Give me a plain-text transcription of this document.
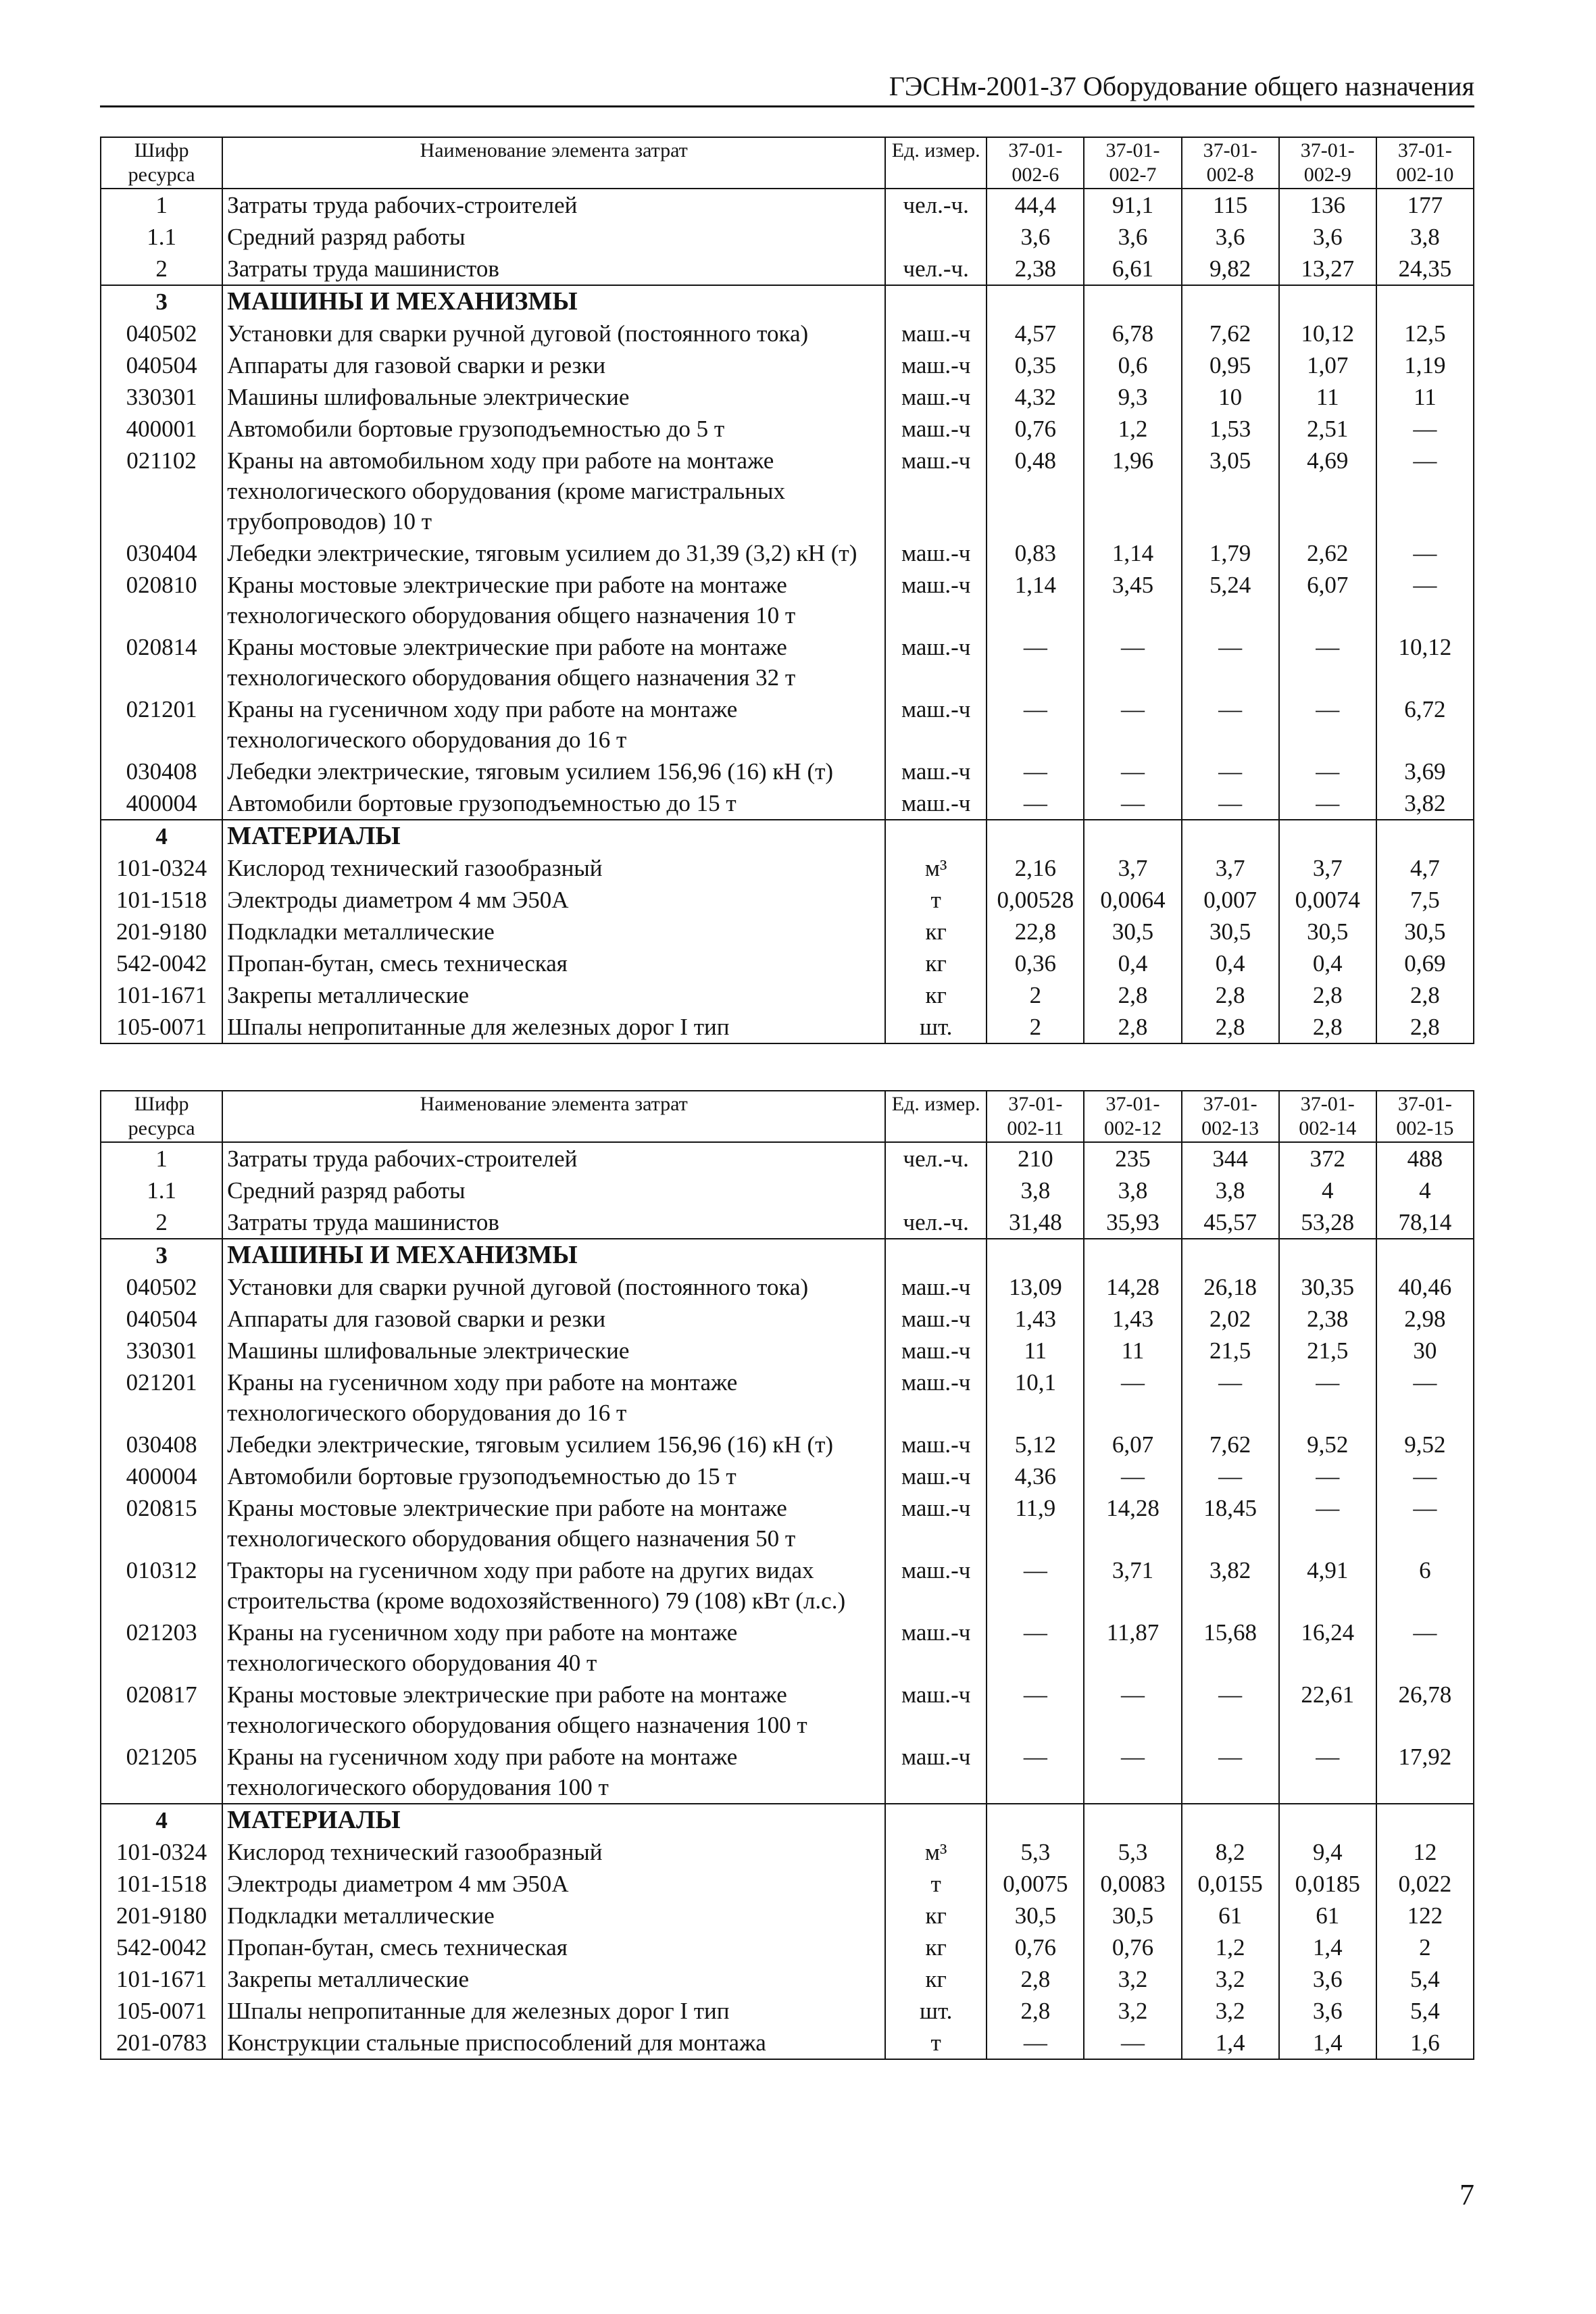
ГЭСНм-2001-37 Оборудование общего назначения
Шифр ресурса	Наименование элемента затрат	Ед. измер.	37-01- 002-6	37-01- 002-7	37-01- 002-8	37-01- 002-9	37-01- 002-10
1	Затраты труда рабочих-строителей	чел.-ч.	44,4	91,1	115	136	177
1.1	Средний разряд работы		3,6	3,6	3,6	3,6	3,8
2	Затраты труда машинистов	чел.-ч.	2,38	6,61	9,82	13,27	24,35
3	МАШИНЫ И МЕХАНИЗМЫ						
040502	Установки для сварки ручной дуговой (постоянного тока)	маш.-ч	4,57	6,78	7,62	10,12	12,5
040504	Аппараты для газовой сварки и резки	маш.-ч	0,35	0,6	0,95	1,07	1,19
330301	Машины шлифовальные электрические	маш.-ч	4,32	9,3	10	11	11
400001	Автомобили бортовые грузоподъемностью до 5 т	маш.-ч	0,76	1,2	1,53	2,51	—
021102	Краны на автомобильном ходу при работе на монтаже технологического оборудования (кроме магистральных трубопроводов) 10 т	маш.-ч	0,48	1,96	3,05	4,69	—
030404	Лебедки электрические, тяговым усилием до 31,39 (3,2) кН (т)	маш.-ч	0,83	1,14	1,79	2,62	—
020810	Краны мостовые электрические при работе на монтаже технологического оборудования общего назначения 10 т	маш.-ч	1,14	3,45	5,24	6,07	—
020814	Краны мостовые электрические при работе на монтаже технологического оборудования общего назначения 32 т	маш.-ч	—	—	—	—	10,12
021201	Краны на гусеничном ходу при работе на монтаже технологического оборудования до 16 т	маш.-ч	—	—	—	—	6,72
030408	Лебедки электрические, тяговым усилием 156,96 (16) кН (т)	маш.-ч	—	—	—	—	3,69
400004	Автомобили бортовые грузоподъемностью до 15 т	маш.-ч	—	—	—	—	3,82
4	МАТЕРИАЛЫ						
101-0324	Кислород технический газообразный	м³	2,16	3,7	3,7	3,7	4,7
101-1518	Электроды диаметром 4 мм Э50А	т	0,00528	0,0064	0,007	0,0074	7,5
201-9180	Подкладки металлические	кг	22,8	30,5	30,5	30,5	30,5
542-0042	Пропан-бутан, смесь техническая	кг	0,36	0,4	0,4	0,4	0,69
101-1671	Закрепы металлические	кг	2	2,8	2,8	2,8	2,8
105-0071	Шпалы непропитанные для железных дорог I тип	шт.	2	2,8	2,8	2,8	2,8
Шифр ресурса	Наименование элемента затрат	Ед. измер.	37-01- 002-11	37-01- 002-12	37-01- 002-13	37-01- 002-14	37-01- 002-15
1	Затраты труда рабочих-строителей	чел.-ч.	210	235	344	372	488
1.1	Средний разряд работы		3,8	3,8	3,8	4	4
2	Затраты труда машинистов	чел.-ч.	31,48	35,93	45,57	53,28	78,14
3	МАШИНЫ И МЕХАНИЗМЫ						
040502	Установки для сварки ручной дуговой (постоянного тока)	маш.-ч	13,09	14,28	26,18	30,35	40,46
040504	Аппараты для газовой сварки и резки	маш.-ч	1,43	1,43	2,02	2,38	2,98
330301	Машины шлифовальные электрические	маш.-ч	11	11	21,5	21,5	30
021201	Краны на гусеничном ходу при работе на монтаже технологического оборудования до 16 т	маш.-ч	10,1	—	—	—	—
030408	Лебедки электрические, тяговым усилием 156,96 (16) кН (т)	маш.-ч	5,12	6,07	7,62	9,52	9,52
400004	Автомобили бортовые грузоподъемностью до 15 т	маш.-ч	4,36	—	—	—	—
020815	Краны мостовые электрические при работе на монтаже технологического оборудования общего назначения 50 т	маш.-ч	11,9	14,28	18,45	—	—
010312	Тракторы на гусеничном ходу при работе на других видах строительства (кроме водохозяйственного) 79 (108) кВт (л.с.)	маш.-ч	—	3,71	3,82	4,91	6
021203	Краны на гусеничном ходу при работе на монтаже технологического оборудования 40 т	маш.-ч	—	11,87	15,68	16,24	—
020817	Краны мостовые электрические при работе на монтаже технологического оборудования общего назначения 100 т	маш.-ч	—	—	—	22,61	26,78
021205	Краны на гусеничном ходу при работе на монтаже технологического оборудования 100 т	маш.-ч	—	—	—	—	17,92
4	МАТЕРИАЛЫ						
101-0324	Кислород технический газообразный	м³	5,3	5,3	8,2	9,4	12
101-1518	Электроды диаметром 4 мм Э50А	т	0,0075	0,0083	0,0155	0,0185	0,022
201-9180	Подкладки металлические	кг	30,5	30,5	61	61	122
542-0042	Пропан-бутан, смесь техническая	кг	0,76	0,76	1,2	1,4	2
101-1671	Закрепы металлические	кг	2,8	3,2	3,2	3,6	5,4
105-0071	Шпалы непропитанные для железных дорог I тип	шт.	2,8	3,2	3,2	3,6	5,4
201-0783	Конструкции стальные приспособлений для монтажа	т	—	—	1,4	1,4	1,6
7
